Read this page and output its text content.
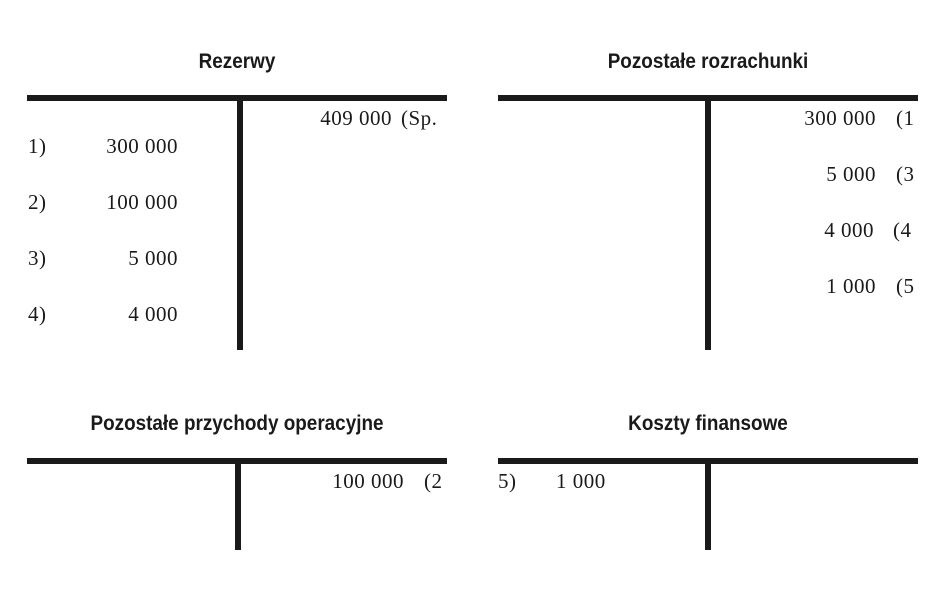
Rezerwy
1)	300 000
2)	100 000
3)	5 000
4)	4 000
409 000 (Sp.
Pozostałe rozrachunki
300 000 (1
5 000 (3
4 000 (4
1 000 (5
Pozostałe przychody operacyjne
100 000 (2
Koszty finansowe
5) 1 000
